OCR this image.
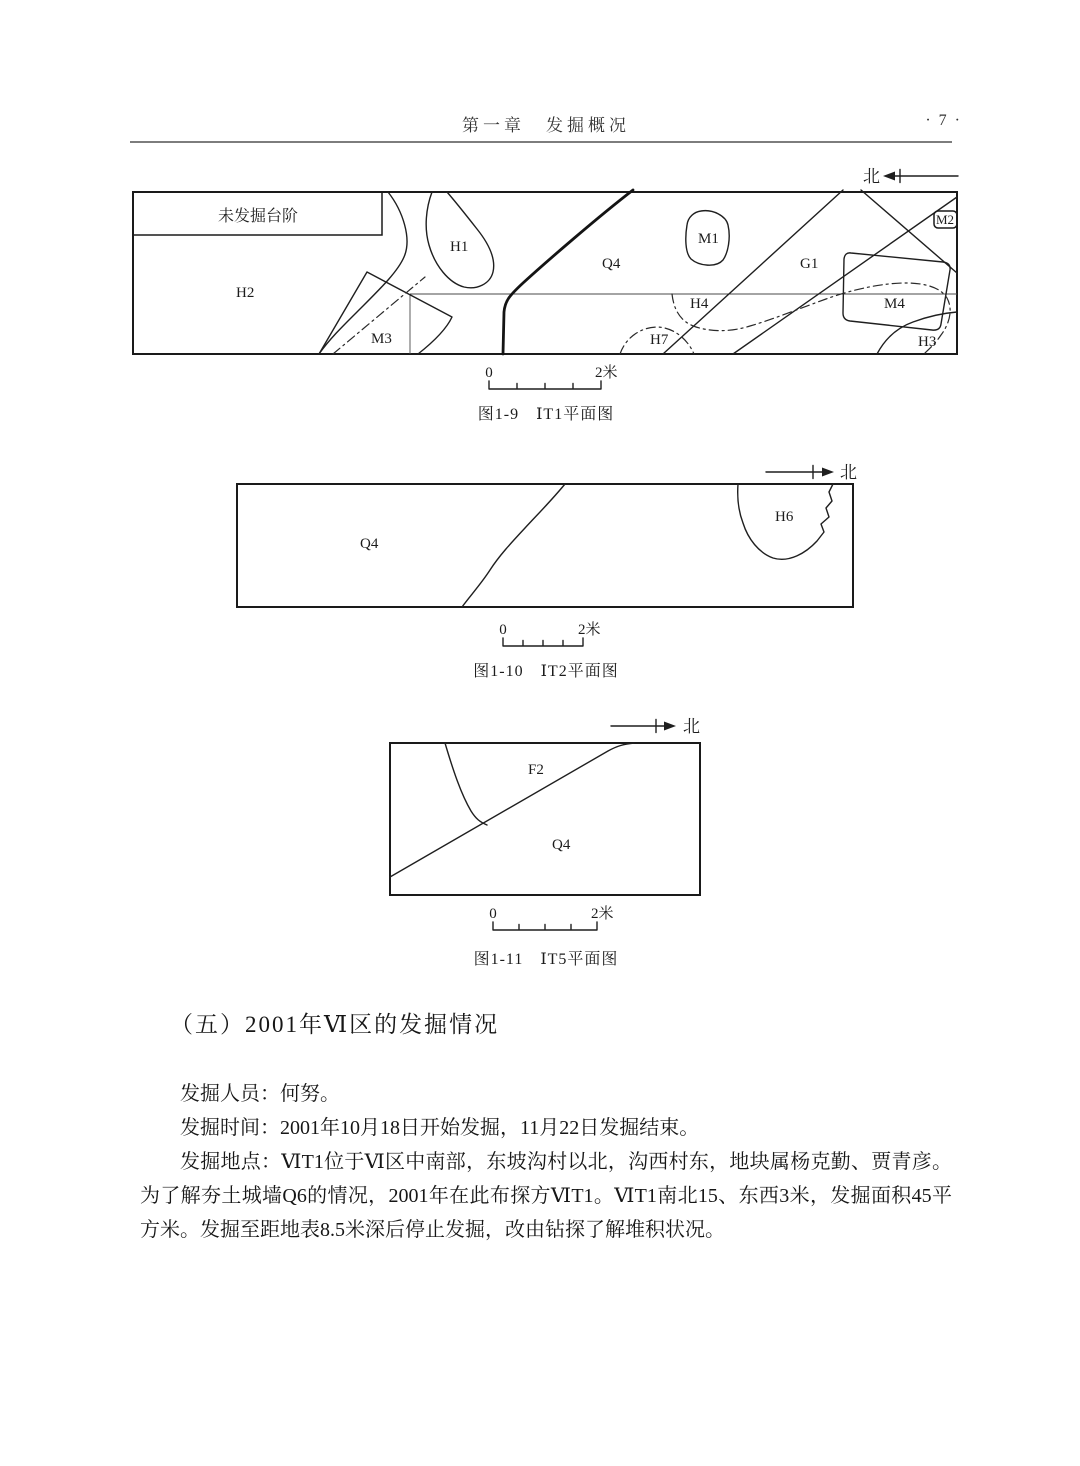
第一章　发掘概况	· 7 ·
北
未发掘台阶
H2
H1
M3
Q4
M1
G1
H4
H7
M4
H3
M2
0	2米
图1-9　ⅠT1平面图
北
Q4
H6
0	2米
图1-10　ⅠT2平面图
北
F2
Q4
0	2米
图1-11　ⅠT5平面图
（五）2001年Ⅵ区的发掘情况

发掘人员：何努。

发掘时间：2001年10月18日开始发掘，11月22日发掘结束。

发掘地点：ⅥT1位于Ⅵ区中南部，东坡沟村以北，沟西村东，地块属杨克勤、贾青彦。为了解夯土城墙Q6的情况，2001年在此布探方ⅥT1。ⅥT1南北15、东西3米，发掘面积45平方米。发掘至距地表8.5米深后停止发掘，改由钻探了解堆积状况。
